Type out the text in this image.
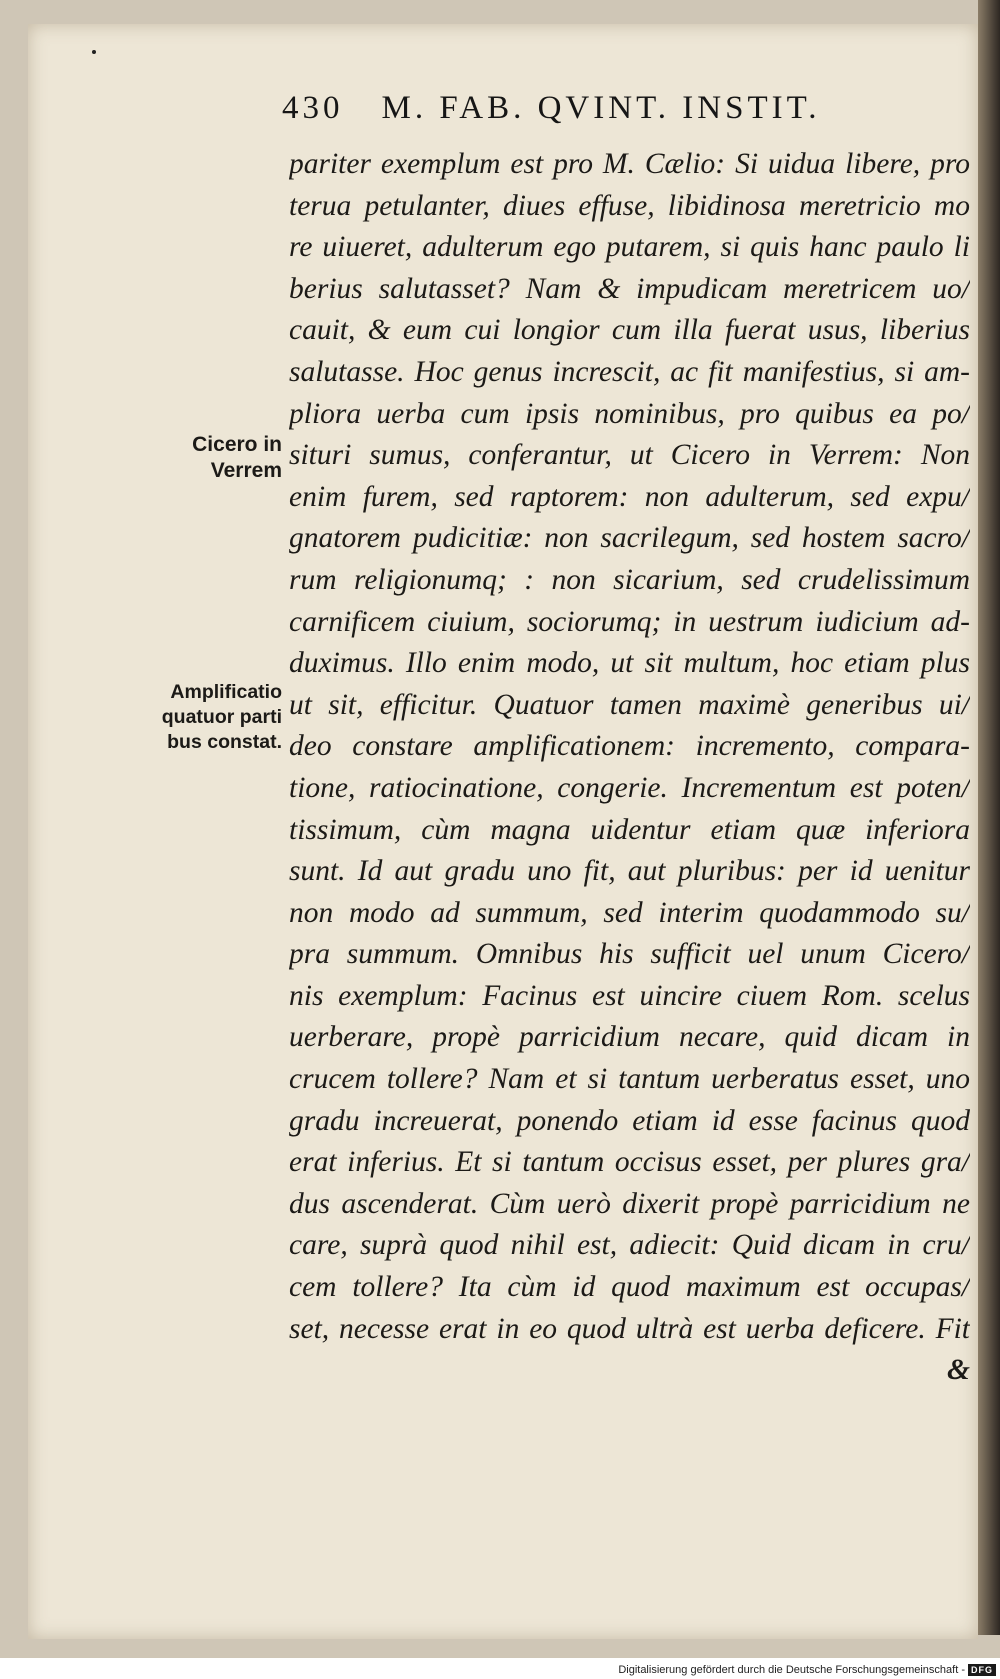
430 M. FAB. QVINT. INSTIT.
Cicero in
Verrem
Amplificatio
quatuor parti
bus constat.
pariter exemplum est pro M. Cælio: Si uidua libere, pro
terua petulanter, diues effuse, libidinosa meretricio mo
re uiueret, adulterum ego putarem, si quis hanc paulo li
berius salutasset? Nam & impudicam meretricem uo/
cauit, & eum cui longior cum illa fuerat usus, liberius
salutasse. Hoc genus increscit, ac fit manifestius, si am-
pliora uerba cum ipsis nominibus, pro quibus ea po/
situri sumus, conferantur, ut Cicero in Verrem: Non
enim furem, sed raptorem: non adulterum, sed expu/
gnatorem pudicitiæ: non sacrilegum, sed hostem sacro/
rum religionumq; : non sicarium, sed crudelissimum
carnificem ciuium, sociorumq; in uestrum iudicium ad-
duximus. Illo enim modo, ut sit multum, hoc etiam plus
ut sit, efficitur. Quatuor tamen maximè generibus ui/
deo constare amplificationem: incremento, compara-
tione, ratiocinatione, congerie. Incrementum est poten/
tissimum, cùm magna uidentur etiam quæ inferiora
sunt. Id aut gradu uno fit, aut pluribus: per id uenitur
non modo ad summum, sed interim quodammodo su/
pra summum. Omnibus his sufficit uel unum Cicero/
nis exemplum: Facinus est uincire ciuem Rom. scelus
uerberare, propè parricidium necare, quid dicam in
crucem tollere? Nam et si tantum uerberatus esset, uno
gradu increuerat, ponendo etiam id esse facinus quod
erat inferius. Et si tantum occisus esset, per plures gra/
dus ascenderat. Cùm uerò dixerit propè parricidium ne
care, suprà quod nihil est, adiecit: Quid dicam in cru/
cem tollere? Ita cùm id quod maximum est occupas/
set, necesse erat in eo quod ultrà est uerba deficere. Fit
&
Digitalisierung gefördert durch die Deutsche Forschungsgemeinschaft - DFG
